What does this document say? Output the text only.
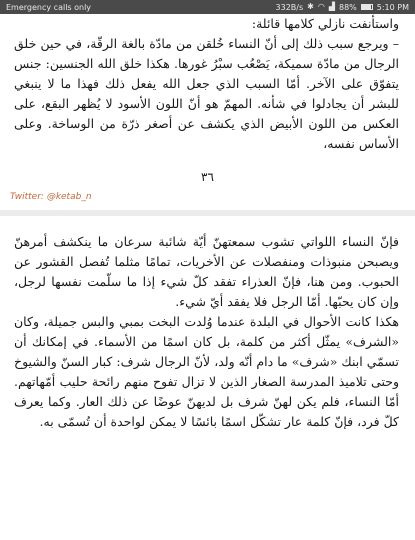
Emergency calls only	332B/s ✱ ◠ ▟ 88%	5:10 PM

واستأنفت نازلي كلامها قائلة:

– ويرجع سبب ذلك إلى أنّ النساء خُلقن من مادّة بالغة الرقّة، في حين خلق الرجال من مادّة سميكة، يَصْعُب سبْرُ غورها. هكذا خلق الله الجنسين: جنس يتفوّق على الآخر. أمّا السبب الذي جعل الله يفعل ذلك فهذا ما لا ينبغي للبشر أن يجادلوا في شأنه. المهمّ هو أنّ اللون الأسود لا يُظهر البقع، على العكس من اللون الأبيض الذي يكشف عن أصغر ذرّة من الوساخة. وعلى الأساس نفسه،

٣٦
Twitter: @ketab_n

فإنّ النساء اللواتي تشوب سمعتهنّ أيّة شائبة سرعان ما ينكشف أمرهنّ ويصبحن منبوذات ومنفصلات عن الأخريات، تمامًا مثلما تُفصل القشور عن الحبوب. ومن هنا، فإنّ العذراء تفقد كلّ شيء إذا ما سلّمت نفسها لرجل، وإن كان يحبّها. أمّا الرجل فلا يفقد أيّ شيء.

هكذا كانت الأحوال في البلدة عندما وُلدت البخت بمبي والبس جميلة، وكان «الشرف» يمثّل أكثر من كلمة، بل كان اسمًا من الأسماء. في إمكانك أن تسمّي ابنك «شرف» ما دام أنّه ولد، لأنّ الرجال شرف: كبار السنّ والشيوخ وحتى تلاميذ المدرسة الصغار الذين لا تزال تفوح منهم رائحة حليب أمّهاتهم. أمّا النساء، فلم يكن لهنّ شرف بل لديهنّ عوضًا عن ذلك العار. وكما يعرف كلّ فرد، فإنّ كلمة عار تشكّل اسمًا بائسًا لا يمكن لواحدة أن تُسمّى به.
